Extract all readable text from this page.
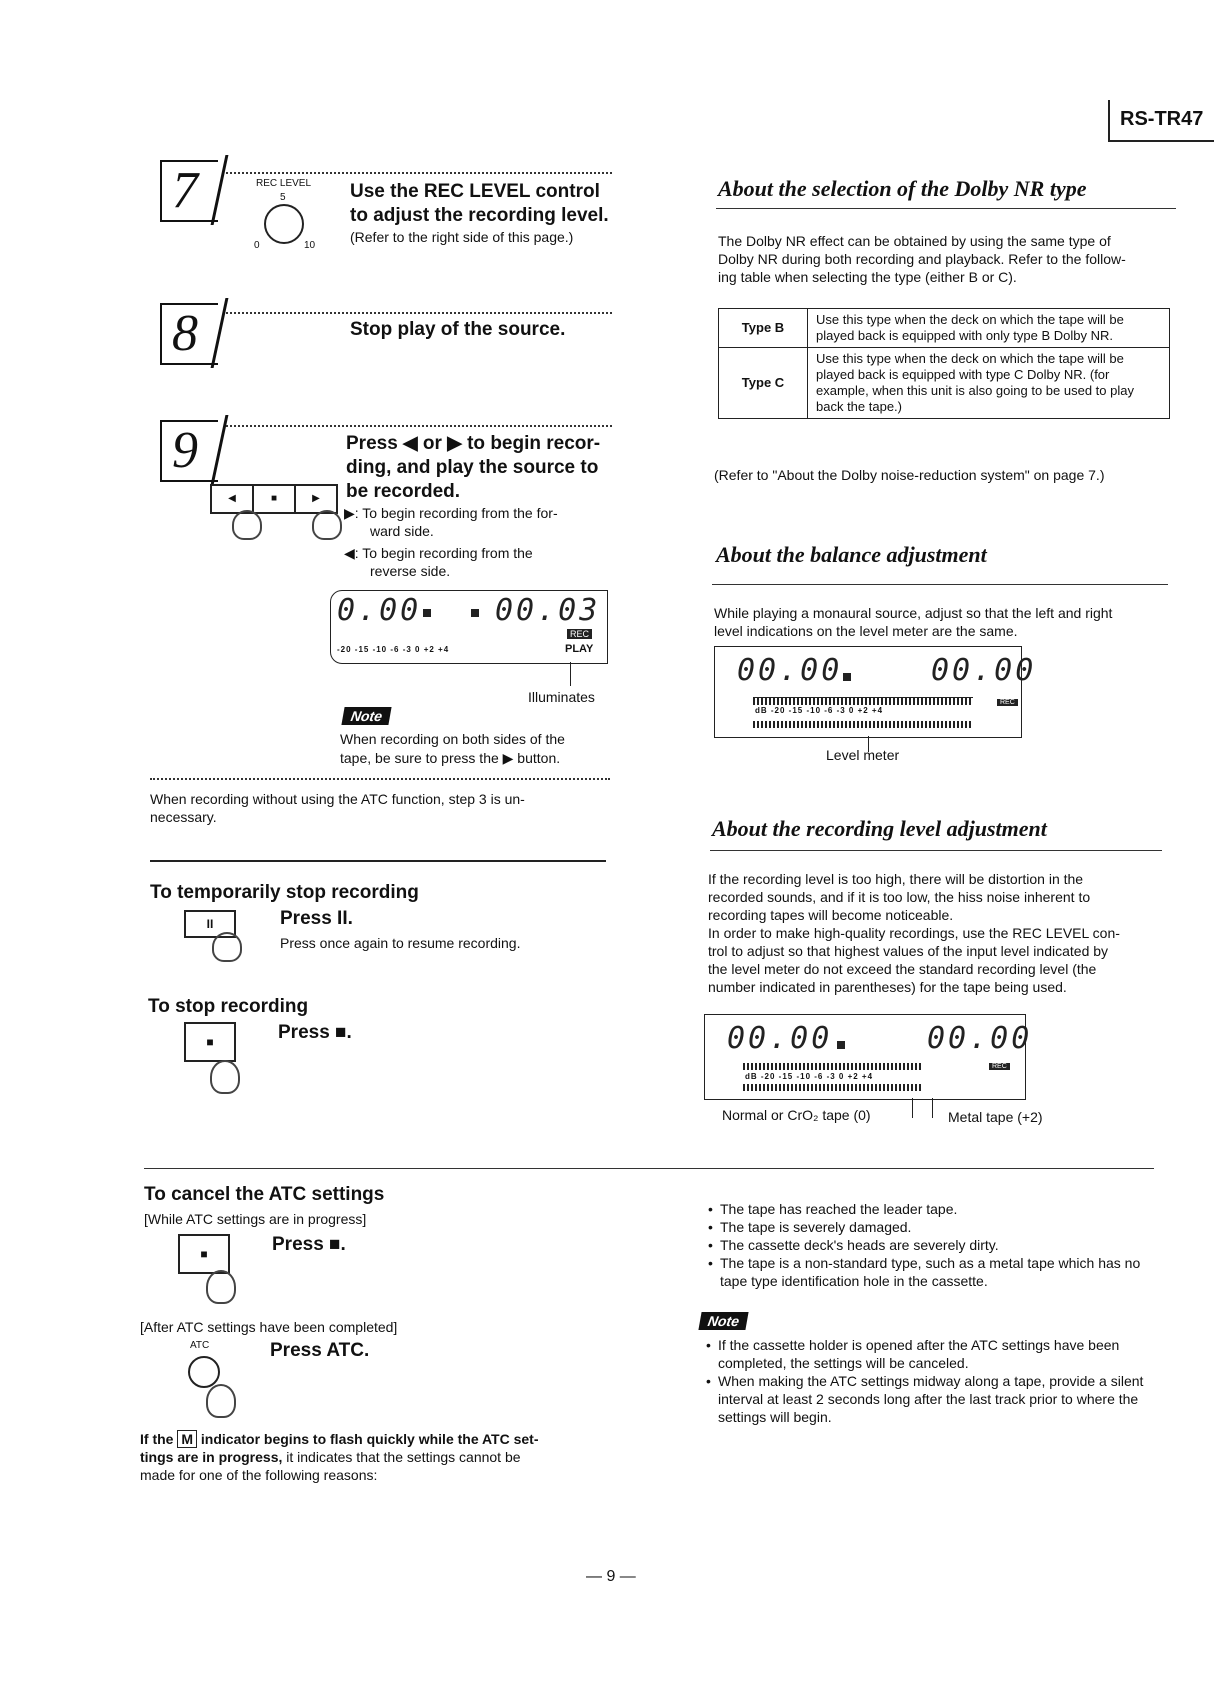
RS-TR47
7	REC LEVEL
5
0	10
Use the REC LEVEL control
to adjust the recording level.
(Refer to the right side of this page.)
8	Stop play of the source.
9	Press ◀ or ▶ to begin recor-
ding, and play the source to
be recorded.
◀	■	▶
▶: To begin recording from the for-
ward side.
◀: To begin recording from the
reverse side.
0.00 00.03
REC
-20 -15 -10 -6 -3 0 +2 +4	PLAY
Illuminates
Note
When recording on both sides of the
tape, be sure to press the ▶ button.
When recording without using the ATC function, step 3 is un-
necessary.
To temporarily stop recording
II	Press II.
Press once again to resume recording.
To stop recording
■	Press ■.
To cancel the ATC settings
[While ATC settings are in progress]
■	Press ■.
[After ATC settings have been completed]
ATC	Press ATC.
If the M indicator begins to flash quickly while the ATC set-
tings are in progress, it indicates that the settings cannot be
made for one of the following reasons:
About the selection of the Dolby NR type
The Dolby NR effect can be obtained by using the same type of
Dolby NR during both recording and playback. Refer to the follow-
ing table when selecting the type (either B or C).
Type B	Use this type when the deck on which the tape will be played back is equipped with only type B Dolby NR.
Type C	Use this type when the deck on which the tape will be played back is equipped with type C Dolby NR. (for example, when this unit is also going to be used to play back the tape.)
(Refer to "About the Dolby noise-reduction system" on page 7.)
About the balance adjustment
While playing a monaural source, adjust so that the left and right
level indications on the level meter are the same.
00.00	00.00
dB -20 -15 -10 -6 -3 0 +2 +4
REC
Level meter
About the recording level adjustment
If the recording level is too high, there will be distortion in the
recorded sounds, and if it is too low, the hiss noise inherent to
recording tapes will become noticeable.
In order to make high-quality recordings, use the REC LEVEL con-
trol to adjust so that highest values of the input level indicated by
the level meter do not exceed the standard recording level (the
number indicated in parentheses) for the tape being used.
00.00	00.00
dB -20 -15 -10 -6 -3 0 +2 +4
REC
Normal or CrO₂ tape (0)	Metal tape (+2)
• The tape has reached the leader tape.
• The tape is severely damaged.
• The cassette deck's heads are severely dirty.
• The tape is a non-standard type, such as a metal tape which has no tape type identification hole in the cassette.
Note
• If the cassette holder is opened after the ATC settings have been completed, the settings will be canceled.
• When making the ATC settings midway along a tape, provide a silent interval at least 2 seconds long after the last track prior to where the settings will begin.
— 9 —
